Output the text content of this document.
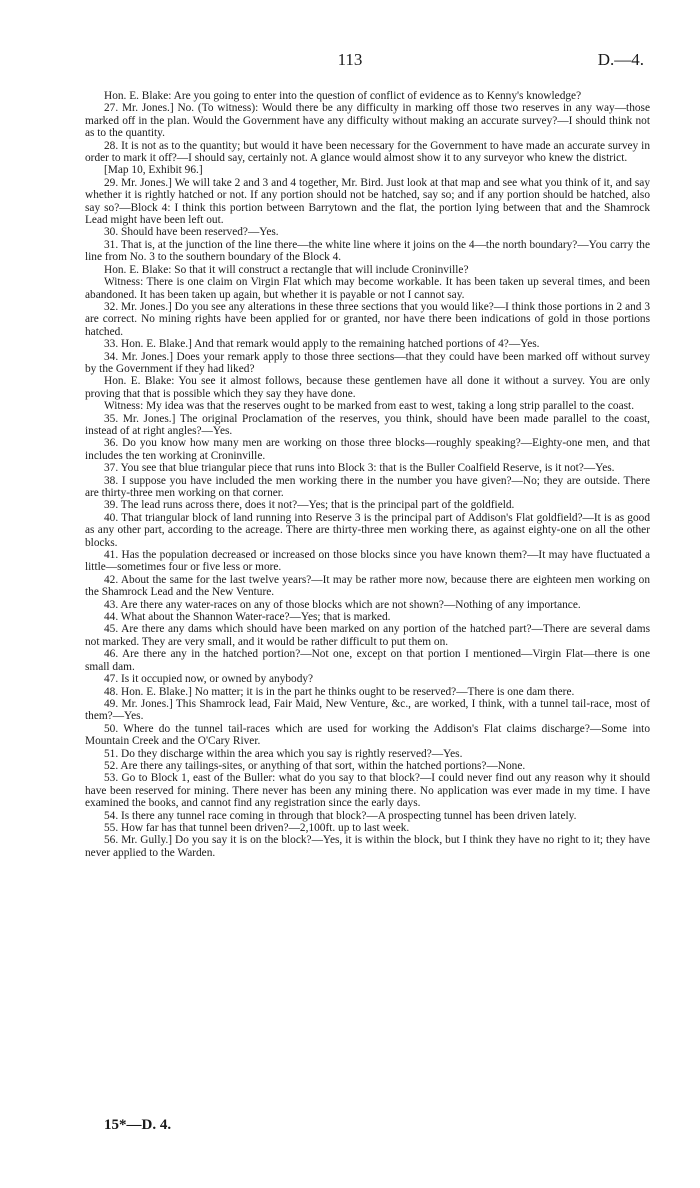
113	D.—4.

Hon. E. Blake: Are you going to enter into the question of conflict of evidence as to Kenny's knowledge?

27. Mr. Jones.] No. (To witness): Would there be any difficulty in marking off those two reserves in any way—those marked off in the plan. Would the Government have any difficulty without making an accurate survey?—I should think not as to the quantity.

28. It is not as to the quantity; but would it have been necessary for the Government to have made an accurate survey in order to mark it off?—I should say, certainly not. A glance would almost show it to any surveyor who knew the district.

[Map 10, Exhibit 96.]

29. Mr. Jones.] We will take 2 and 3 and 4 together, Mr. Bird. Just look at that map and see what you think of it, and say whether it is rightly hatched or not. If any portion should not be hatched, say so; and if any portion should be hatched, also say so?—Block 4: I think this portion between Barrytown and the flat, the portion lying between that and the Shamrock Lead might have been left out.

30. Should have been reserved?—Yes.

31. That is, at the junction of the line there—the white line where it joins on the 4—the north boundary?—You carry the line from No. 3 to the southern boundary of the Block 4.

Hon. E. Blake: So that it will construct a rectangle that will include Croninville?

Witness: There is one claim on Virgin Flat which may become workable. It has been taken up several times, and been abandoned. It has been taken up again, but whether it is payable or not I cannot say.

32. Mr. Jones.] Do you see any alterations in these three sections that you would like?—I think those portions in 2 and 3 are correct. No mining rights have been applied for or granted, nor have there been indications of gold in those portions hatched.

33. Hon. E. Blake.] And that remark would apply to the remaining hatched portions of 4?—Yes.

34. Mr. Jones.] Does your remark apply to those three sections—that they could have been marked off without survey by the Government if they had liked?

Hon. E. Blake: You see it almost follows, because these gentlemen have all done it without a survey. You are only proving that that is possible which they say they have done.

Witness: My idea was that the reserves ought to be marked from east to west, taking a long strip parallel to the coast.

35. Mr. Jones.] The original Proclamation of the reserves, you think, should have been made parallel to the coast, instead of at right angles?—Yes.

36. Do you know how many men are working on those three blocks—roughly speaking?—Eighty-one men, and that includes the ten working at Croninville.

37. You see that blue triangular piece that runs into Block 3: that is the Buller Coalfield Reserve, is it not?—Yes.

38. I suppose you have included the men working there in the number you have given?—No; they are outside. There are thirty-three men working on that corner.

39. The lead runs across there, does it not?—Yes; that is the principal part of the goldfield.

40. That triangular block of land running into Reserve 3 is the principal part of Addison's Flat goldfield?—It is as good as any other part, according to the acreage. There are thirty-three men working there, as against eighty-one on all the other blocks.

41. Has the population decreased or increased on those blocks since you have known them?—It may have fluctuated a little—sometimes four or five less or more.

42. About the same for the last twelve years?—It may be rather more now, because there are eighteen men working on the Shamrock Lead and the New Venture.

43. Are there any water-races on any of those blocks which are not shown?—Nothing of any importance.

44. What about the Shannon Water-race?—Yes; that is marked.

45. Are there any dams which should have been marked on any portion of the hatched part?—There are several dams not marked. They are very small, and it would be rather difficult to put them on.

46. Are there any in the hatched portion?—Not one, except on that portion I mentioned—Virgin Flat—there is one small dam.

47. Is it occupied now, or owned by anybody?

48. Hon. E. Blake.] No matter; it is in the part he thinks ought to be reserved?—There is one dam there.

49. Mr. Jones.] This Shamrock lead, Fair Maid, New Venture, &c., are worked, I think, with a tunnel tail-race, most of them?—Yes.

50. Where do the tunnel tail-races which are used for working the Addison's Flat claims discharge?—Some into Mountain Creek and the O'Cary River.

51. Do they discharge within the area which you say is rightly reserved?—Yes.

52. Are there any tailings-sites, or anything of that sort, within the hatched portions?—None.

53. Go to Block 1, east of the Buller: what do you say to that block?—I could never find out any reason why it should have been reserved for mining. There never has been any mining there. No application was ever made in my time. I have examined the books, and cannot find any registration since the early days.

54. Is there any tunnel race coming in through that block?—A prospecting tunnel has been driven lately.

55. How far has that tunnel been driven?—2,100ft. up to last week.

56. Mr. Gully.] Do you say it is on the block?—Yes, it is within the block, but I think they have no right to it; they have never applied to the Warden.

15*—D. 4.
